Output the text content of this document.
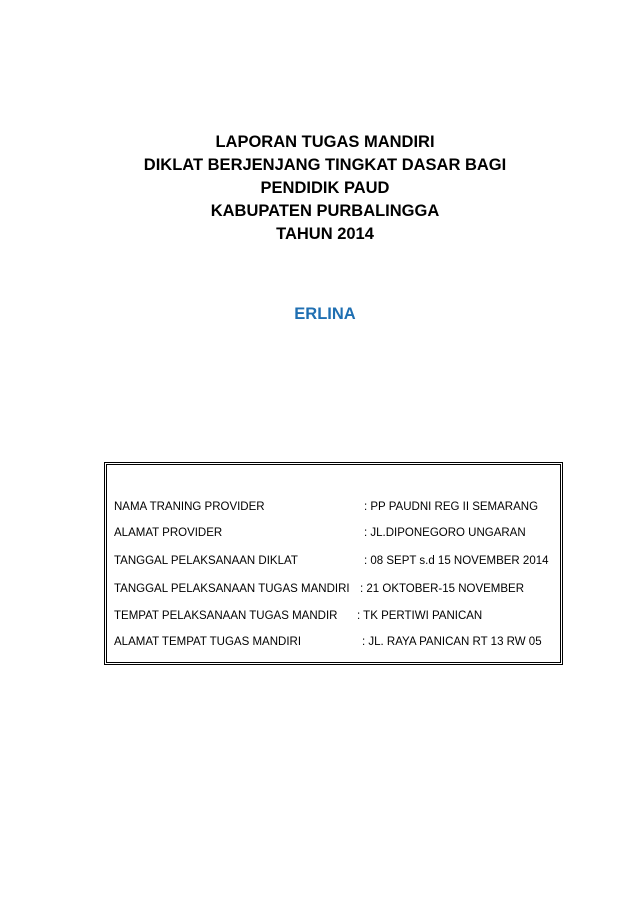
LAPORAN TUGAS MANDIRI

DIKLAT BERJENJANG TINGKAT DASAR BAGI

PENDIDIK PAUD

KABUPATEN PURBALINGGA

TAHUN 2014

ERLINA
NAMA TRANING PROVIDER	: PP PAUDNI REG II SEMARANG
ALAMAT PROVIDER	: JL.DIPONEGORO UNGARAN
TANGGAL PELAKSANAAN DIKLAT	: 08 SEPT s.d 15 NOVEMBER 2014
TANGGAL PELAKSANAAN TUGAS MANDIRI : 21 OKTOBER-15 NOVEMBER
TEMPAT PELAKSANAAN TUGAS MANDIR : TK PERTIWI PANICAN
ALAMAT TEMPAT TUGAS MANDIRI	: JL. RAYA PANICAN RT 13 RW 05
